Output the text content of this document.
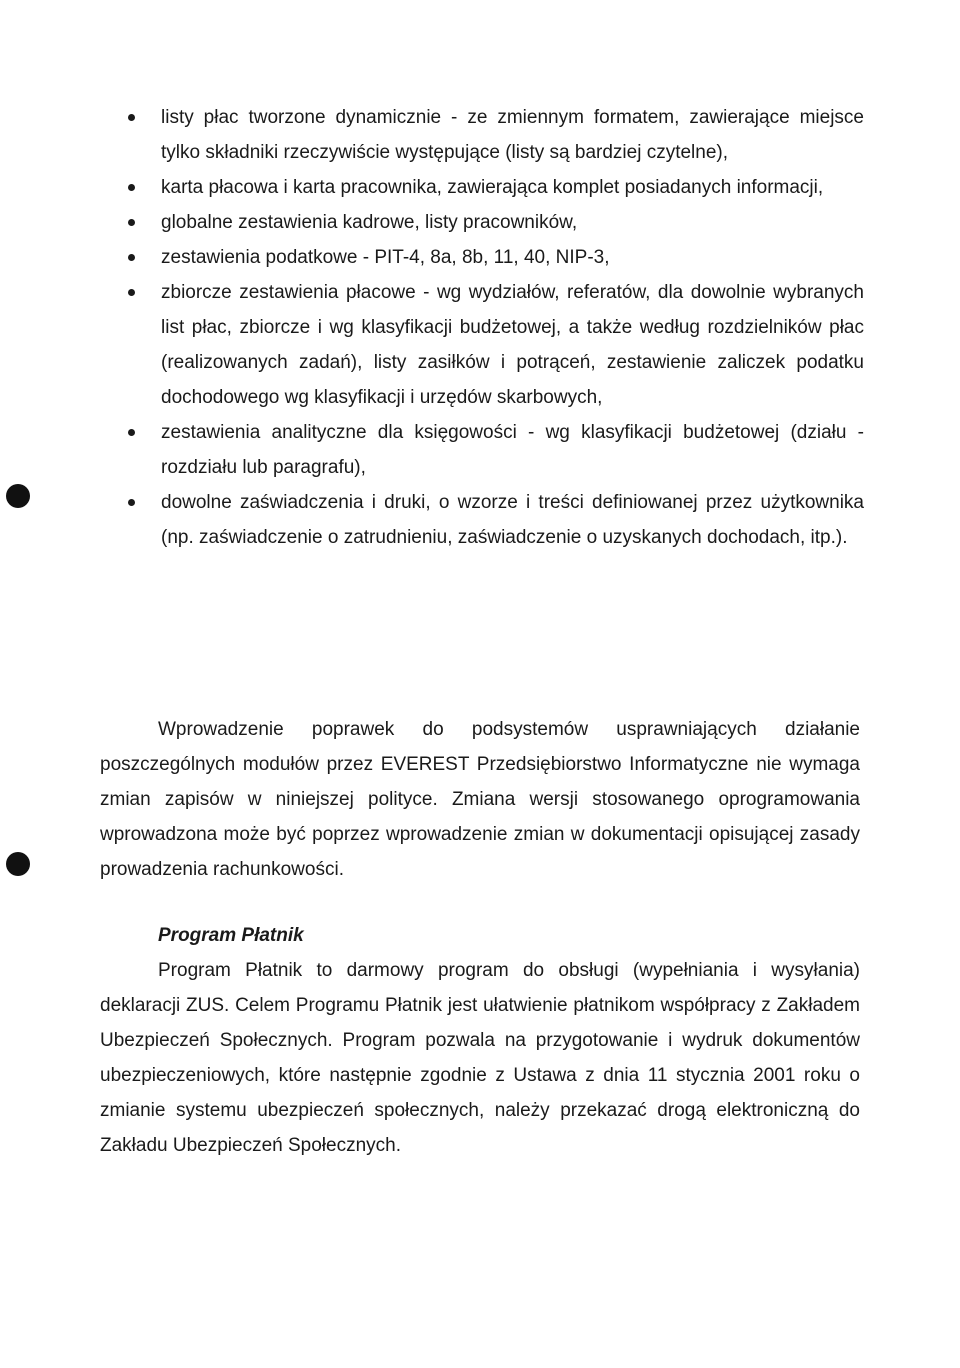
listy płac tworzone dynamicznie - ze zmiennym formatem, zawierające miejsce tylko składniki rzeczywiście występujące (listy są bardziej czytelne),
karta płacowa i karta pracownika, zawierająca komplet posiadanych informacji,
globalne zestawienia kadrowe, listy pracowników,
zestawienia podatkowe - PIT-4, 8a, 8b, 11, 40, NIP-3,
zbiorcze zestawienia płacowe - wg wydziałów, referatów, dla dowolnie wybranych list płac, zbiorcze i wg klasyfikacji budżetowej, a także według rozdzielników płac (realizowanych zadań), listy zasiłków i potrąceń, zestawienie zaliczek podatku dochodowego wg klasyfikacji i urzędów skarbowych,
zestawienia analityczne dla księgowości - wg klasyfikacji budżetowej (działu - rozdziału lub paragrafu),
dowolne zaświadczenia i druki, o wzorze i treści definiowanej przez użytkownika (np. zaświadczenie o zatrudnieniu, zaświadczenie o uzyskanych dochodach, itp.).

Wprowadzenie poprawek do podsystemów usprawniających działanie poszczególnych modułów przez EVEREST Przedsiębiorstwo Informatyczne nie wymaga zmian zapisów w niniejszej polityce. Zmiana wersji stosowanego oprogramowania wprowadzona może być poprzez wprowadzenie zmian w dokumentacji opisującej zasady prowadzenia rachunkowości.

Program Płatnik

Program Płatnik to darmowy program do obsługi (wypełniania i wysyłania) deklaracji ZUS. Celem Programu Płatnik jest ułatwienie płatnikom współpracy z Zakładem Ubezpieczeń Społecznych. Program pozwala na przygotowanie i wydruk dokumentów ubezpieczeniowych, które następnie zgodnie z Ustawa z dnia 11 stycznia 2001 roku o zmianie systemu ubezpieczeń społecznych, należy przekazać drogą elektroniczną do Zakładu Ubezpieczeń Społecznych.
